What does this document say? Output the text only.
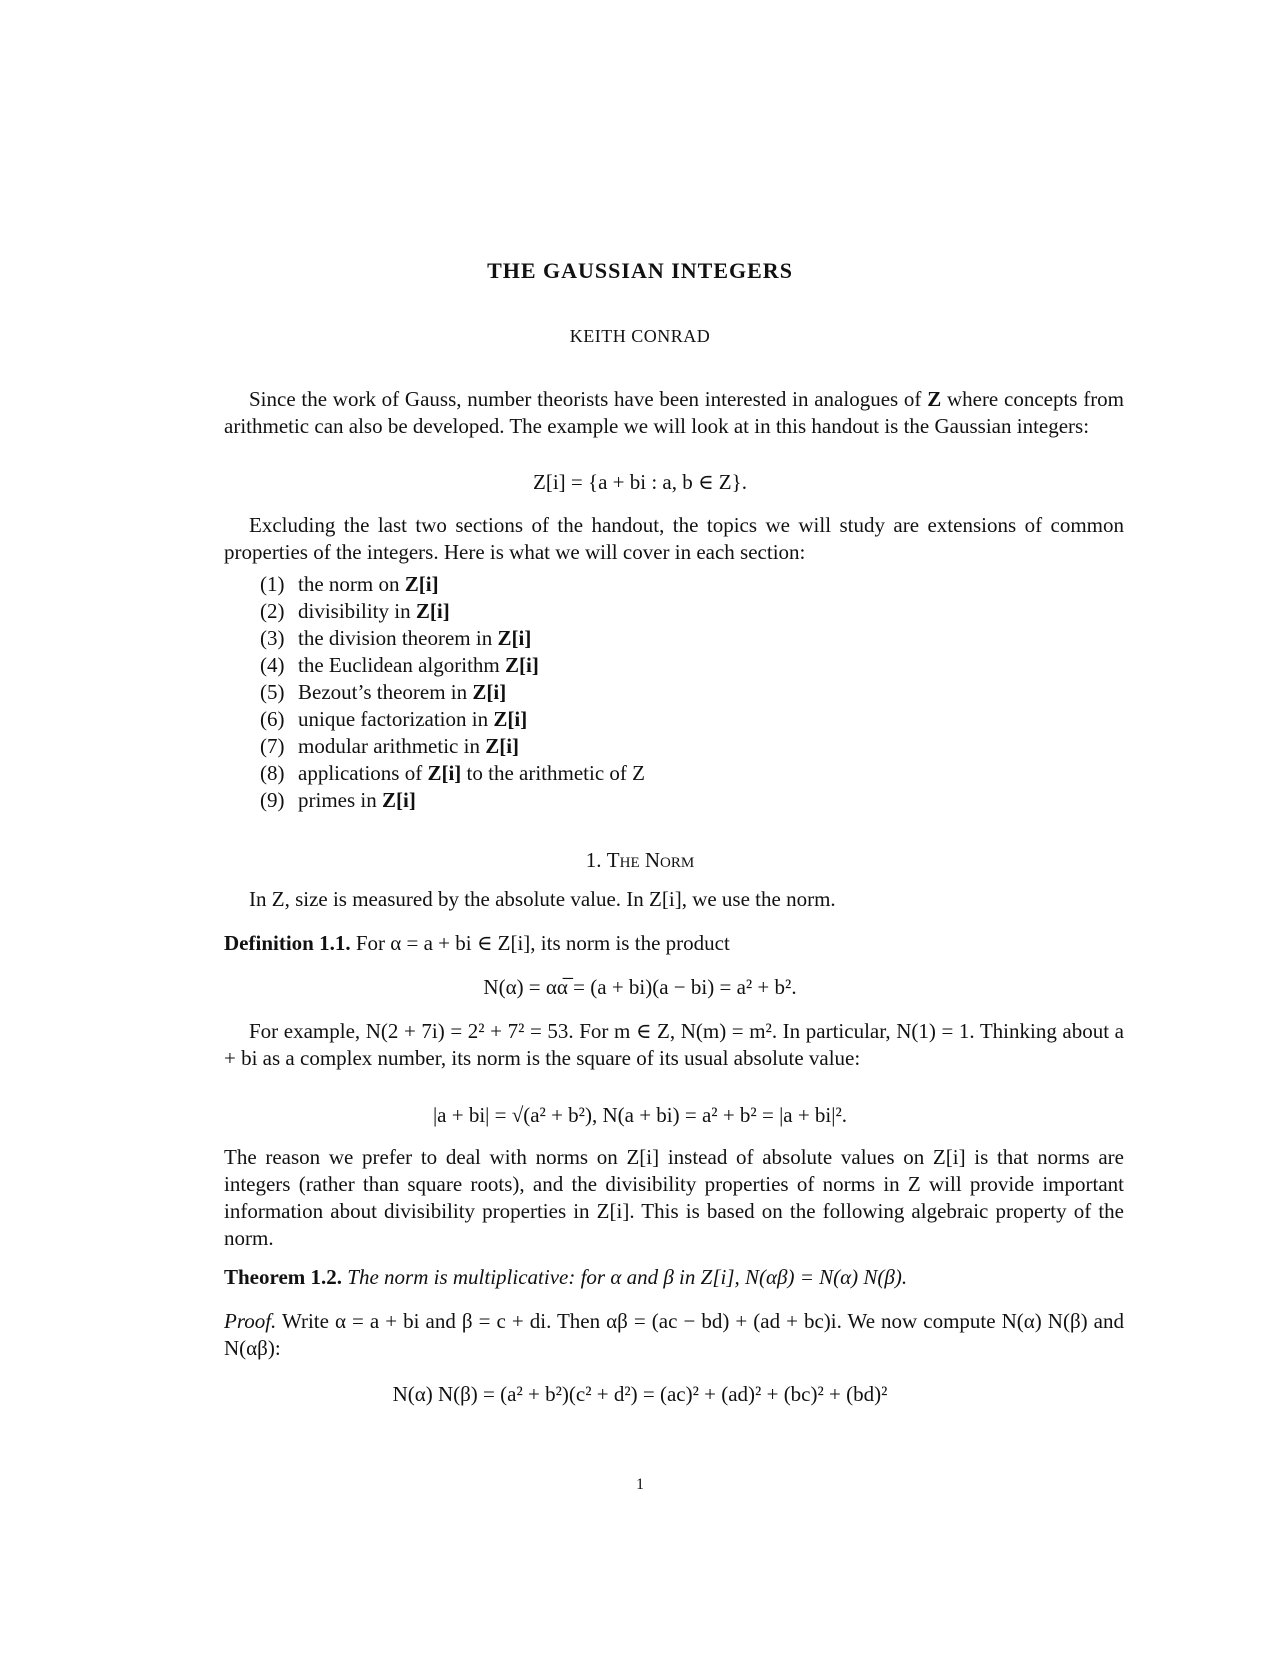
THE GAUSSIAN INTEGERS
KEITH CONRAD
Since the work of Gauss, number theorists have been interested in analogues of Z where concepts from arithmetic can also be developed. The example we will look at in this handout is the Gaussian integers:
Z[i] = {a + bi : a, b ∈ Z}.
Excluding the last two sections of the handout, the topics we will study are extensions of common properties of the integers. Here is what we will cover in each section:
(1) the norm on Z[i]
(2) divisibility in Z[i]
(3) the division theorem in Z[i]
(4) the Euclidean algorithm Z[i]
(5) Bezout’s theorem in Z[i]
(6) unique factorization in Z[i]
(7) modular arithmetic in Z[i]
(8) applications of Z[i] to the arithmetic of Z
(9) primes in Z[i]
1. The Norm
In Z, size is measured by the absolute value. In Z[i], we use the norm.
Definition 1.1. For α = a + bi ∈ Z[i], its norm is the product
N(α) = αα̅ = (a + bi)(a − bi) = a² + b².
For example, N(2 + 7i) = 2² + 7² = 53. For m ∈ Z, N(m) = m². In particular, N(1) = 1. Thinking about a + bi as a complex number, its norm is the square of its usual absolute value:
|a + bi| = √(a² + b²), N(a + bi) = a² + b² = |a + bi|².
The reason we prefer to deal with norms on Z[i] instead of absolute values on Z[i] is that norms are integers (rather than square roots), and the divisibility properties of norms in Z will provide important information about divisibility properties in Z[i]. This is based on the following algebraic property of the norm.
Theorem 1.2. The norm is multiplicative: for α and β in Z[i], N(αβ) = N(α) N(β).
Proof. Write α = a + bi and β = c + di. Then αβ = (ac − bd) + (ad + bc)i. We now compute N(α) N(β) and N(αβ):
N(α) N(β) = (a² + b²)(c² + d²) = (ac)² + (ad)² + (bc)² + (bd)²
1
